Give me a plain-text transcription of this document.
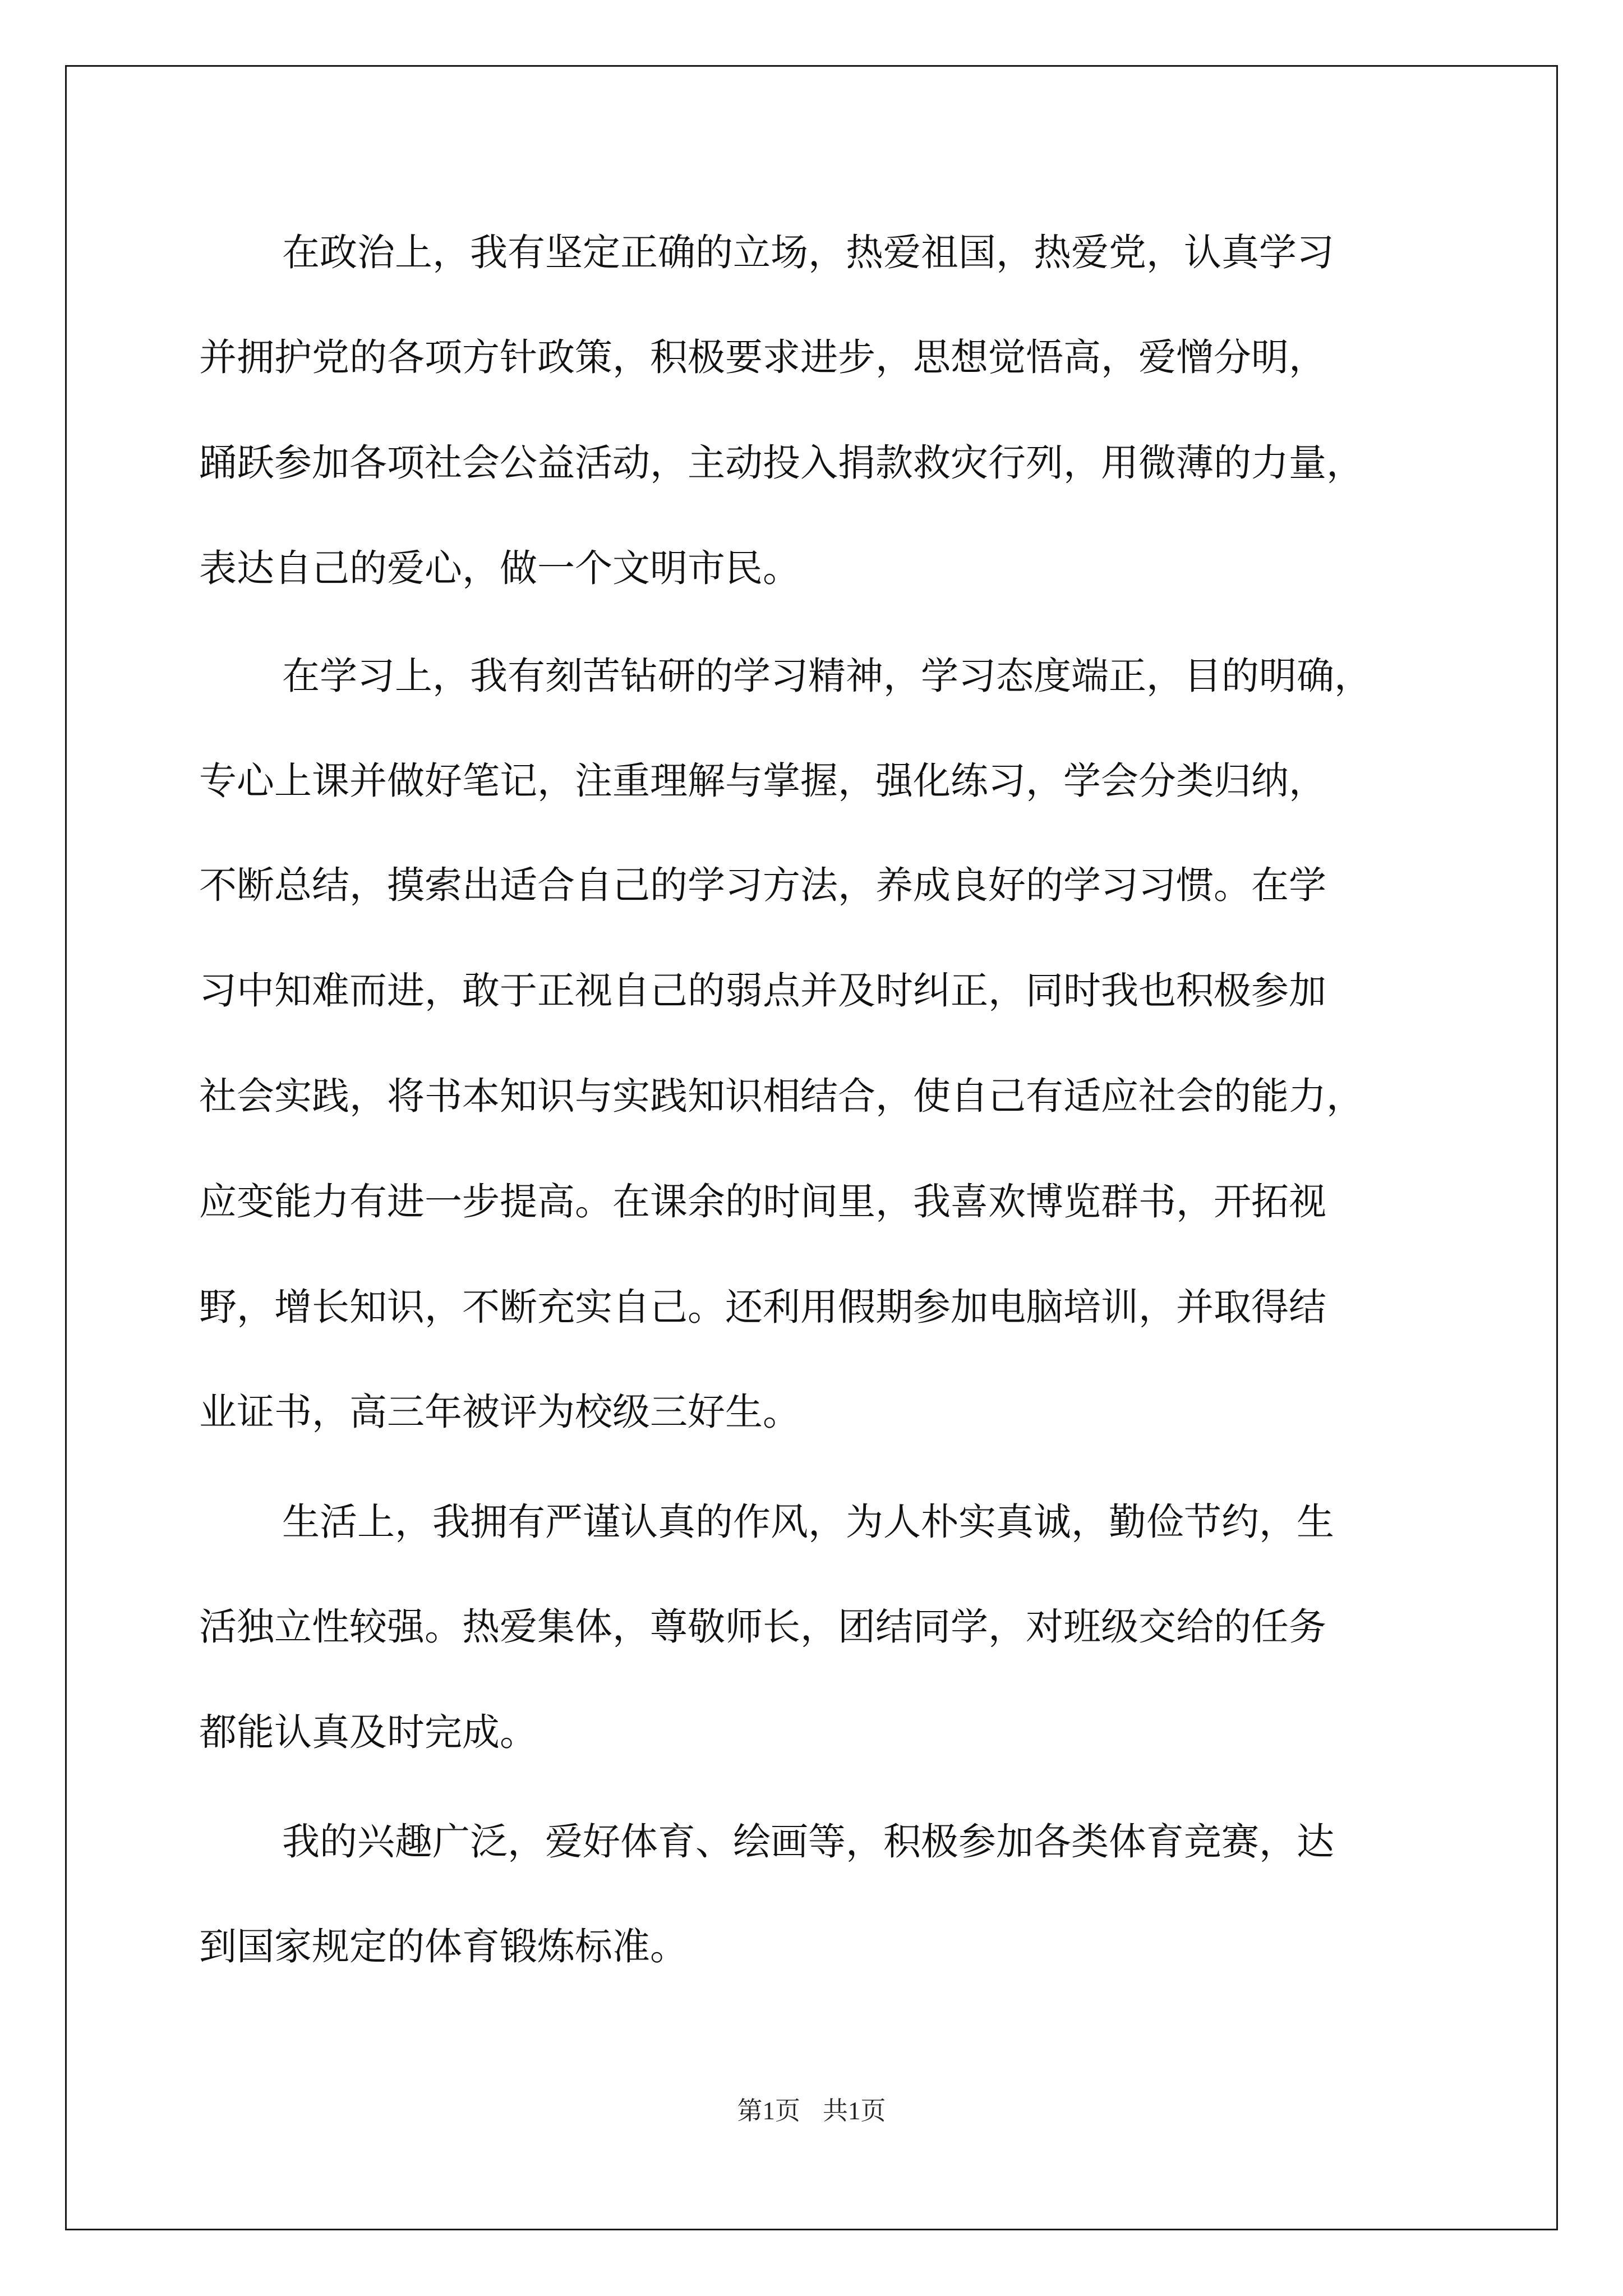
在政治上，我有坚定正确的立场，热爱祖国，热爱党，认真学习
并拥护党的各项方针政策，积极要求进步，思想觉悟高，爱憎分明，
踊跃参加各项社会公益活动，主动投入捐款救灾行列，用微薄的力量，
表达自己的爱心，做一个文明市民。
在学习上，我有刻苦钻研的学习精神，学习态度端正，目的明确，
专心上课并做好笔记，注重理解与掌握，强化练习，学会分类归纳，
不断总结，摸索出适合自己的学习方法，养成良好的学习习惯。在学
习中知难而进，敢于正视自己的弱点并及时纠正，同时我也积极参加
社会实践，将书本知识与实践知识相结合，使自己有适应社会的能力，
应变能力有进一步提高。在课余的时间里，我喜欢博览群书，开拓视
野，增长知识，不断充实自己。还利用假期参加电脑培训，并取得结
业证书，高三年被评为校级三好生。
生活上，我拥有严谨认真的作风，为人朴实真诚，勤俭节约，生
活独立性较强。热爱集体，尊敬师长，团结同学，对班级交给的任务
都能认真及时完成。
我的兴趣广泛，爱好体育、绘画等，积极参加各类体育竞赛，达
到国家规定的体育锻炼标准。
第1页 共1页
